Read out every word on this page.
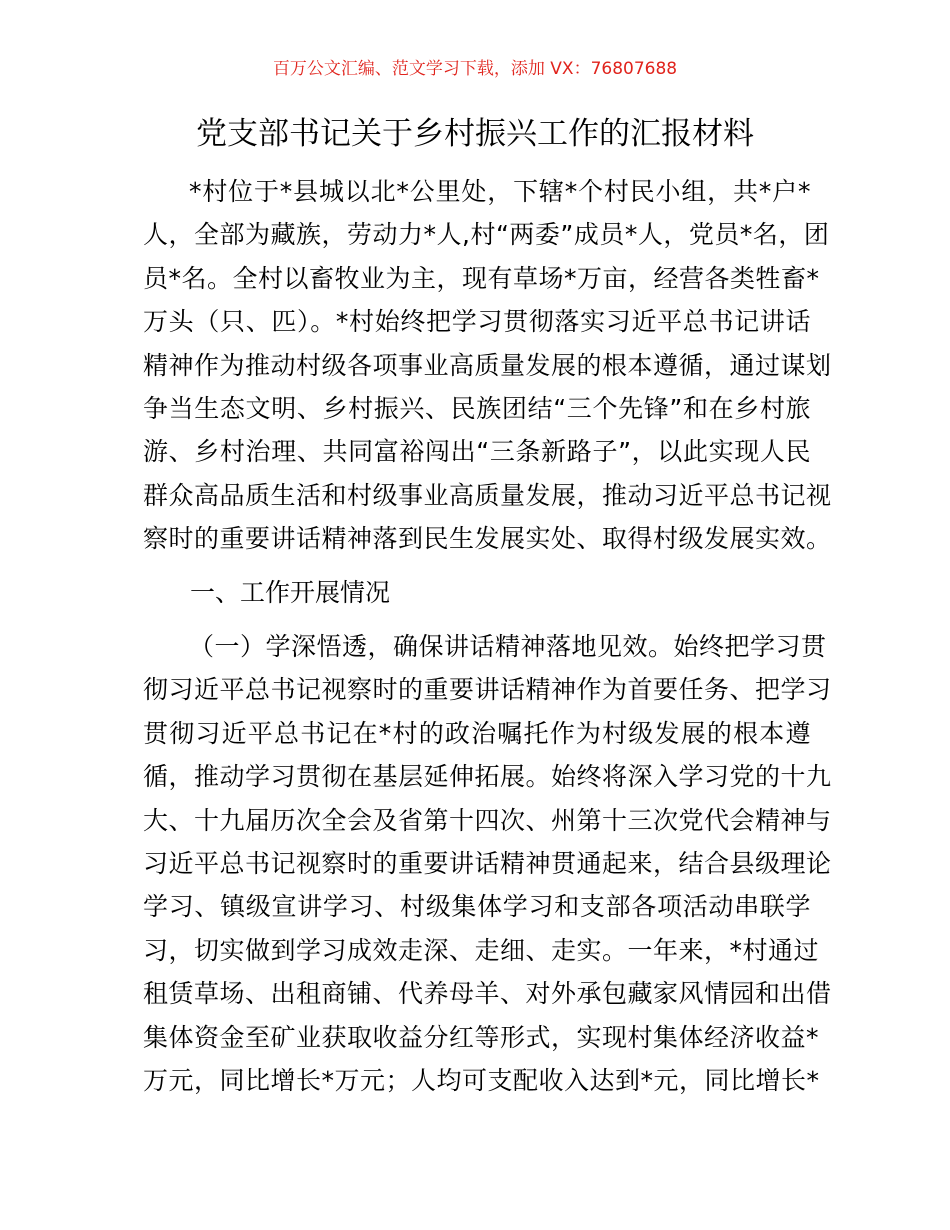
百万公文汇编、范文学习下载，添加 VX：76807688
党支部书记关于乡村振兴工作的汇报材料
*村位于*县城以北*公里处，下辖*个村民小组，共*户*
人，全部为藏族，劳动力*人,村“两委”成员*人，党员*名，团
员*名。全村以畜牧业为主，现有草场*万亩，经营各类牲畜*
万头（只、匹）。*村始终把学习贯彻落实习近平总书记讲话
精神作为推动村级各项事业高质量发展的根本遵循，通过谋划
争当生态文明、乡村振兴、民族团结“三个先锋”和在乡村旅
游、乡村治理、共同富裕闯出“三条新路子”，以此实现人民
群众高品质生活和村级事业高质量发展，推动习近平总书记视
察时的重要讲话精神落到民生发展实处、取得村级发展实效。
一、工作开展情况
（一）学深悟透，确保讲话精神落地见效。始终把学习贯
彻习近平总书记视察时的重要讲话精神作为首要任务、把学习
贯彻习近平总书记在*村的政治嘱托作为村级发展的根本遵
循，推动学习贯彻在基层延伸拓展。始终将深入学习党的十九
大、十九届历次全会及省第十四次、州第十三次党代会精神与
习近平总书记视察时的重要讲话精神贯通起来，结合县级理论
学习、镇级宣讲学习、村级集体学习和支部各项活动串联学
习，切实做到学习成效走深、走细、走实。一年来，*村通过
租赁草场、出租商铺、代养母羊、对外承包藏家风情园和出借
集体资金至矿业获取收益分红等形式，实现村集体经济收益*
万元，同比增长*万元；人均可支配收入达到*元，同比增长*
